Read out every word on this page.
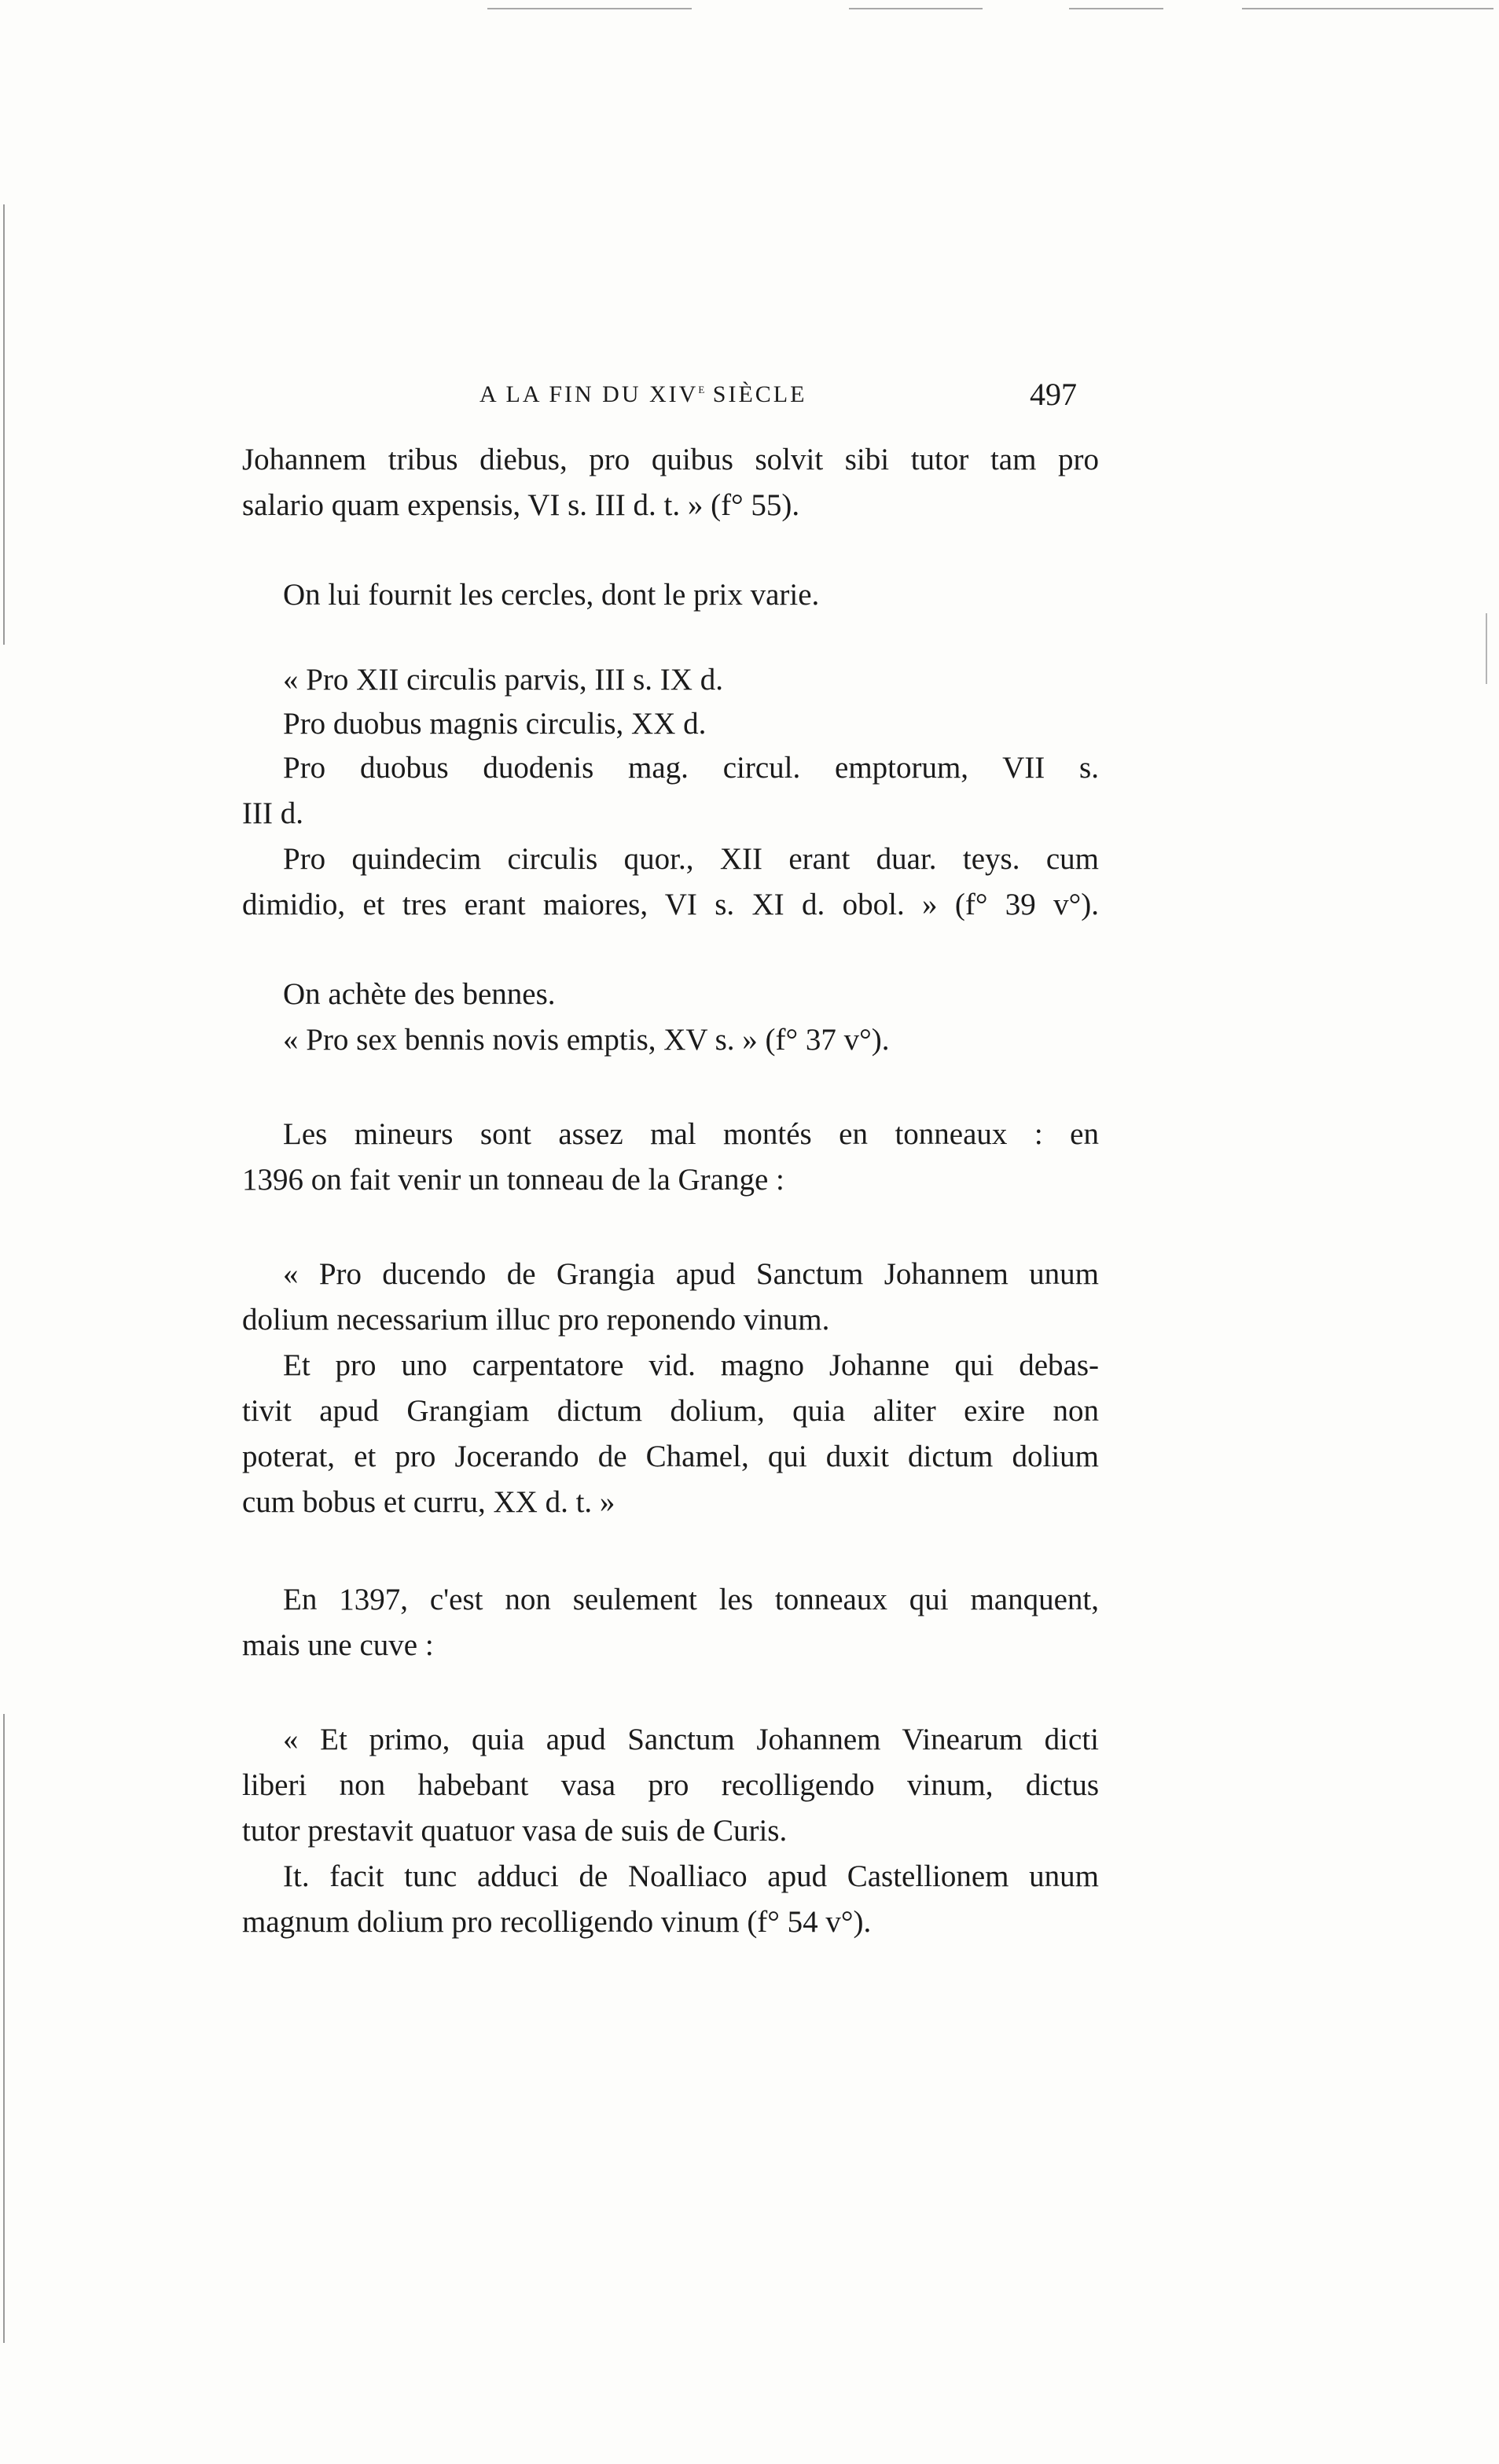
A LA FIN DU XIVe SIÈCLE	497
Johannem tribus diebus, pro quibus solvit sibi tutor tam pro
salario quam expensis, VI s. III d. t. » (f° 55).
On lui fournit les cercles, dont le prix varie.
« Pro XII circulis parvis, III s. IX d.
Pro duobus magnis circulis, XX d.
Pro duobus duodenis mag. circul. emptorum, VII s.
III d.
Pro quindecim circulis quor., XII erant duar. teys. cum
dimidio, et tres erant maiores, VI s. XI d. obol. » (f° 39 v°).
On achète des bennes.
« Pro sex bennis novis emptis, XV s. » (f° 37 v°).
Les mineurs sont assez mal montés en tonneaux : en
1396 on fait venir un tonneau de la Grange :
« Pro ducendo de Grangia apud Sanctum Johannem unum
dolium necessarium illuc pro reponendo vinum.
Et pro uno carpentatore vid. magno Johanne qui debas-
tivit apud Grangiam dictum dolium, quia aliter exire non
poterat, et pro Jocerando de Chamel, qui duxit dictum dolium
cum bobus et curru, XX d. t. »
En 1397, c'est non seulement les tonneaux qui manquent,
mais une cuve :
« Et primo, quia apud Sanctum Johannem Vinearum dicti
liberi non habebant vasa pro recolligendo vinum, dictus
tutor prestavit quatuor vasa de suis de Curis.
It. facit tunc adduci de Noalliaco apud Castellionem unum
magnum dolium pro recolligendo vinum (f° 54 v°).
